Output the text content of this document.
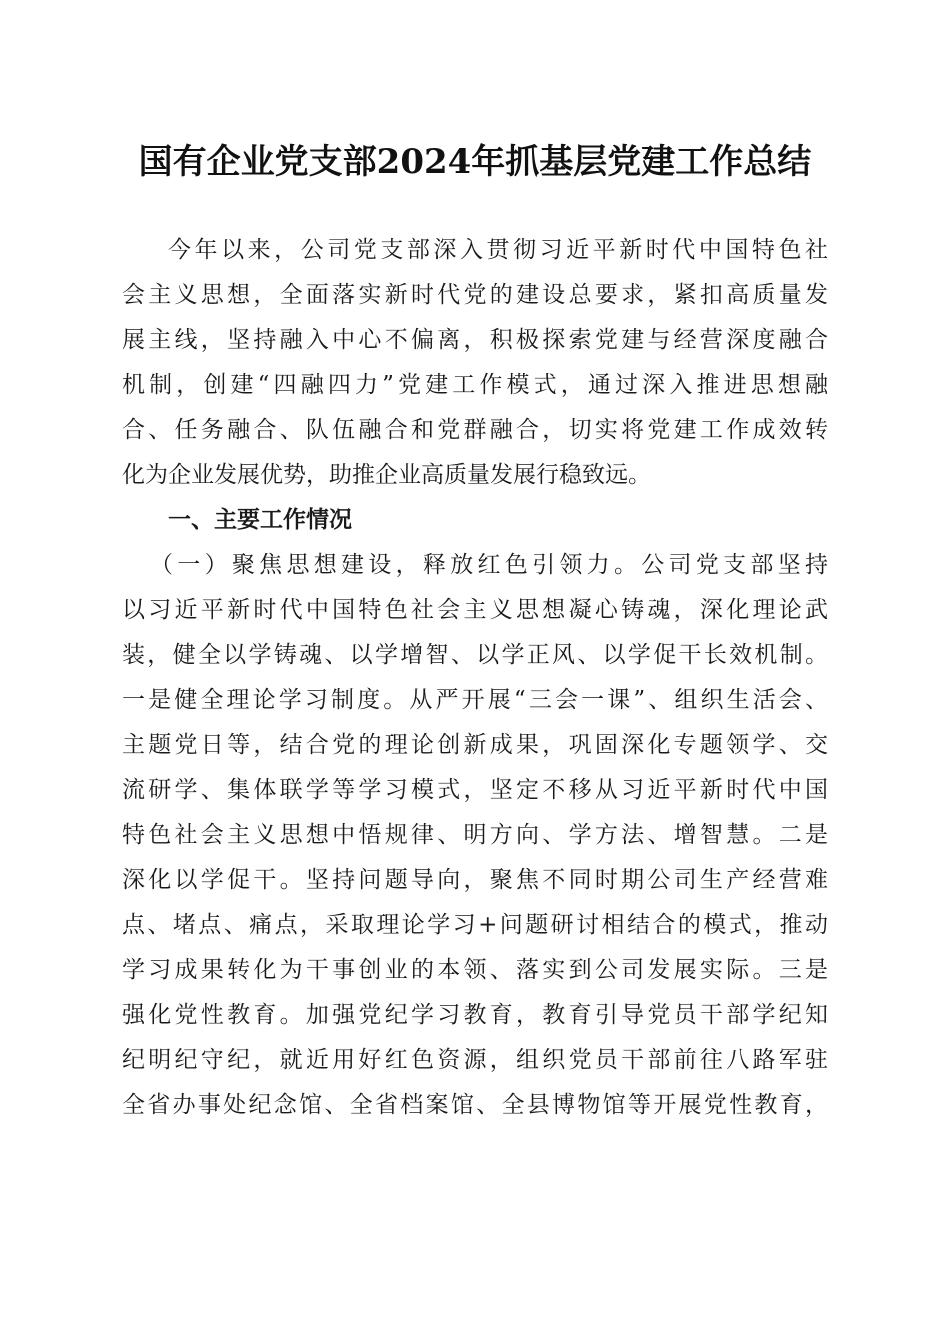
国有企业党支部2024年抓基层党建工作总结
今年以来，公司党支部深入贯彻习近平新时代中国特色社
会主义思想，全面落实新时代党的建设总要求，紧扣高质量发
展主线，坚持融入中心不偏离，积极探索党建与经营深度融合
机制，创建“四融四力”党建工作模式，通过深入推进思想融
合、任务融合、队伍融合和党群融合，切实将党建工作成效转
化为企业发展优势，助推企业高质量发展行稳致远。
一、主要工作情况
（一）聚焦思想建设，释放红色引领力。公司党支部坚持
以习近平新时代中国特色社会主义思想凝心铸魂，深化理论武
装，健全以学铸魂、以学增智、以学正风、以学促干长效机制。
一是健全理论学习制度。从严开展“三会一课”、组织生活会、
主题党日等，结合党的理论创新成果，巩固深化专题领学、交
流研学、集体联学等学习模式，坚定不移从习近平新时代中国
特色社会主义思想中悟规律、明方向、学方法、增智慧。二是
深化以学促干。坚持问题导向，聚焦不同时期公司生产经营难
点、堵点、痛点，采取理论学习+问题研讨相结合的模式，推动
学习成果转化为干事创业的本领、落实到公司发展实际。三是
强化党性教育。加强党纪学习教育，教育引导党员干部学纪知
纪明纪守纪，就近用好红色资源，组织党员干部前往八路军驻
全省办事处纪念馆、全省档案馆、全县博物馆等开展党性教育，
